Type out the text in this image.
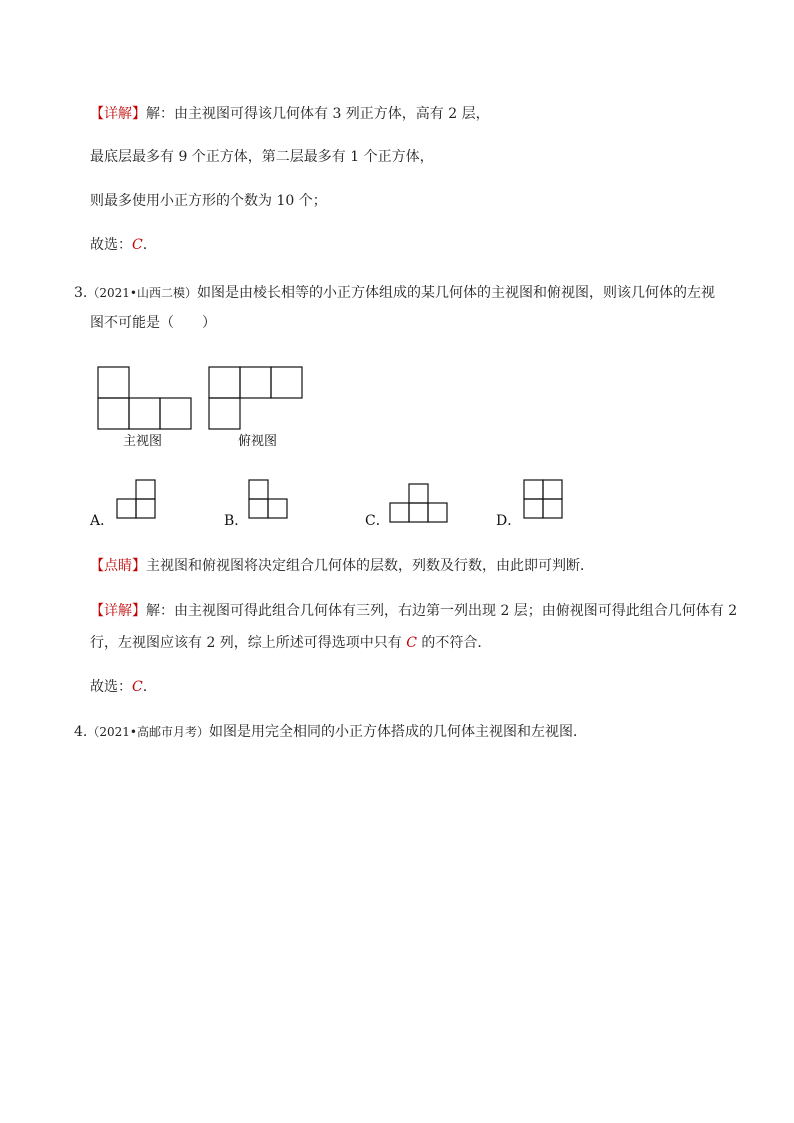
【详解】解：由主视图可得该几何体有 3 列正方体，高有 2 层，
最底层最多有 9 个正方体，第二层最多有 1 个正方体，
则最多使用小正方形的个数为 10 个；
故选：C.
3.（2021•山西二模）如图是由棱长相等的小正方体组成的某几何体的主视图和俯视图，则该几何体的左视
图不可能是（　　）
主视图	俯视图
A．	B．	C．	D．
【点睛】主视图和俯视图将决定组合几何体的层数，列数及行数，由此即可判断．
【详解】解：由主视图可得此组合几何体有三列，右边第一列出现 2 层；由俯视图可得此组合几何体有 2
行，左视图应该有 2 列，综上所述可得选项中只有 C 的不符合．
故选：C.
4.（2021•高邮市月考）如图是用完全相同的小正方体搭成的几何体主视图和左视图．
